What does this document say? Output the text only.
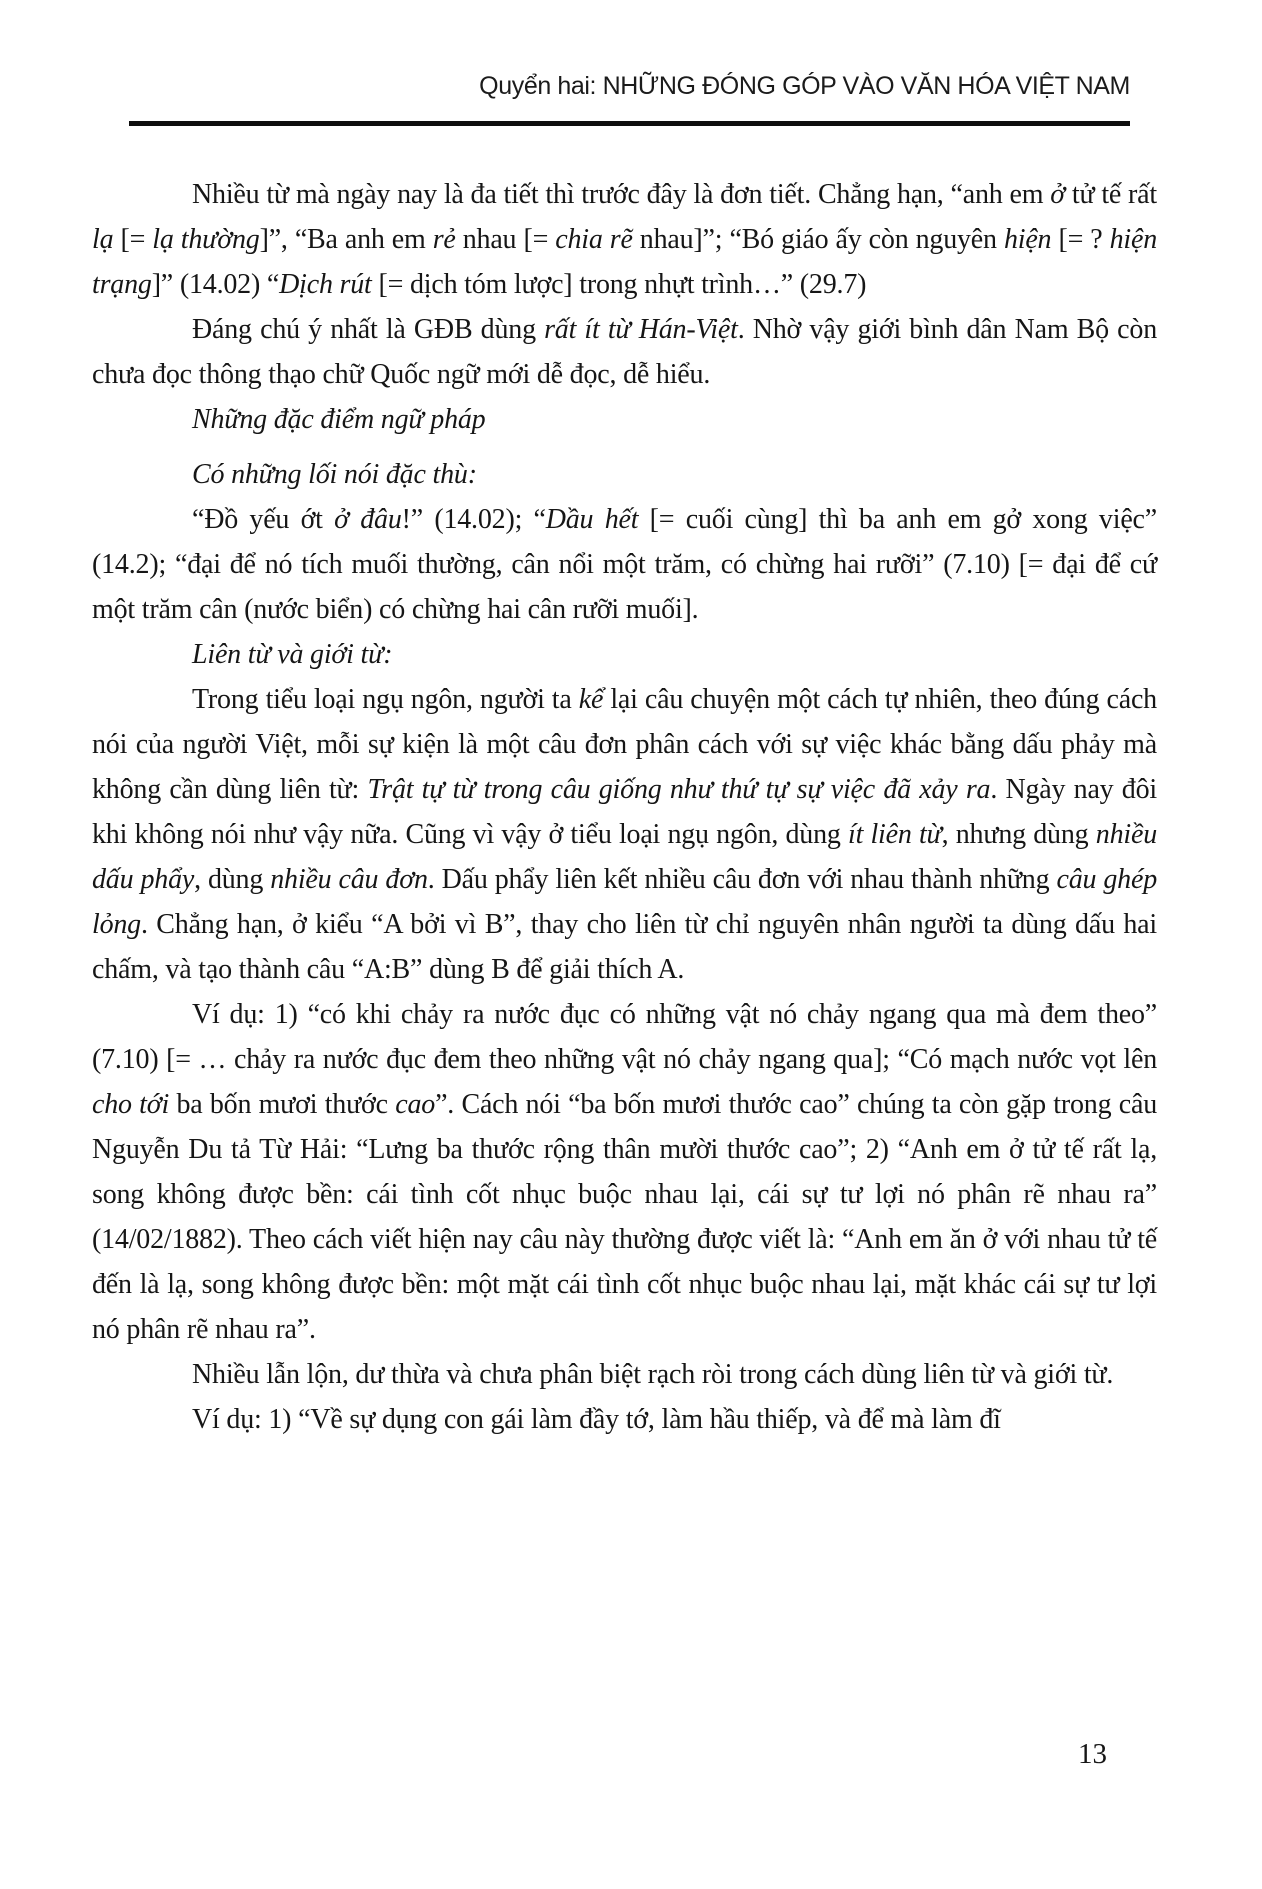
Quyển hai: NHỮNG ĐÓNG GÓP VÀO VĂN HÓA VIỆT NAM

Nhiều từ mà ngày nay là đa tiết thì trước đây là đơn tiết. Chẳng hạn, “anh em ở tử tế rất lạ [= lạ thường]”, “Ba anh em rẻ nhau [= chia rẽ nhau]”; “Bó giáo ấy còn nguyên hiện [= ? hiện trạng]” (14.02) “Dịch rút [= dịch tóm lược] trong nhựt trình…” (29.7)

Đáng chú ý nhất là GĐB dùng rất ít từ Hán-Việt. Nhờ vậy giới bình dân Nam Bộ còn chưa đọc thông thạo chữ Quốc ngữ mới dễ đọc, dễ hiểu.

Những đặc điểm ngữ pháp

Có những lối nói đặc thù:

“Đồ yếu ớt ở đâu!” (14.02); “Dầu hết [= cuối cùng] thì ba anh em gở xong việc” (14.2); “đại để nó tích muối thường, cân nổi một trăm, có chừng hai rưỡi” (7.10) [= đại để cứ một trăm cân (nước biển) có chừng hai cân rưỡi muối].

Liên từ và giới từ:

Trong tiểu loại ngụ ngôn, người ta kể lại câu chuyện một cách tự nhiên, theo đúng cách nói của người Việt, mỗi sự kiện là một câu đơn phân cách với sự việc khác bằng dấu phảy mà không cần dùng liên từ: Trật tự từ trong câu giống như thứ tự sự việc đã xảy ra. Ngày nay đôi khi không nói như vậy nữa. Cũng vì vậy ở tiểu loại ngụ ngôn, dùng ít liên từ, nhưng dùng nhiều dấu phẩy, dùng nhiều câu đơn. Dấu phẩy liên kết nhiều câu đơn với nhau thành những câu ghép lỏng. Chẳng hạn, ở kiểu “A bởi vì B”, thay cho liên từ chỉ nguyên nhân người ta dùng dấu hai chấm, và tạo thành câu “A:B” dùng B để giải thích A.

Ví dụ: 1) “có khi chảy ra nước đục có những vật nó chảy ngang qua mà đem theo” (7.10) [= … chảy ra nước đục đem theo những vật nó chảy ngang qua]; “Có mạch nước vọt lên cho tới ba bốn mươi thước cao”. Cách nói “ba bốn mươi thước cao” chúng ta còn gặp trong câu Nguyễn Du tả Từ Hải: “Lưng ba thước rộng thân mười thước cao”; 2) “Anh em ở tử tế rất lạ, song không được bền: cái tình cốt nhục buộc nhau lại, cái sự tư lợi nó phân rẽ nhau ra” (14/02/1882). Theo cách viết hiện nay câu này thường được viết là: “Anh em ăn ở với nhau tử tế đến là lạ, song không được bền: một mặt cái tình cốt nhục buộc nhau lại, mặt khác cái sự tư lợi nó phân rẽ nhau ra”.

Nhiều lẫn lộn, dư thừa và chưa phân biệt rạch ròi trong cách dùng liên từ và giới từ.

Ví dụ: 1) “Về sự dụng con gái làm đầy tớ, làm hầu thiếp, và để mà làm đĩ

13
